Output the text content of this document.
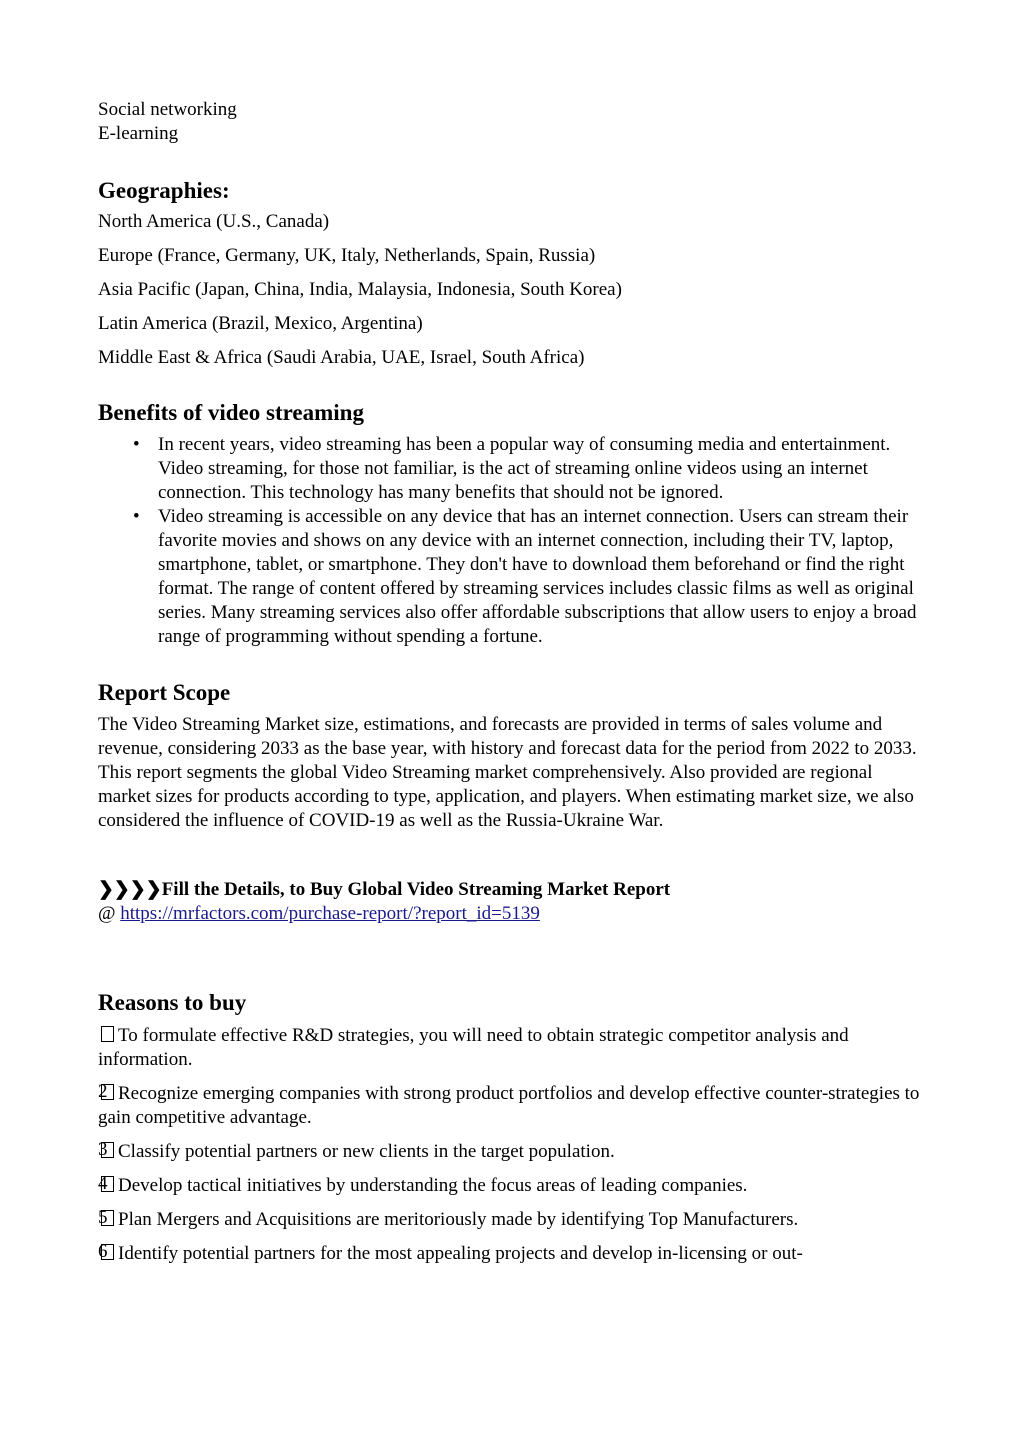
Social networking
E-learning
Geographies:

North America (U.S., Canada)

Europe (France, Germany, UK, Italy, Netherlands, Spain, Russia)

Asia Pacific (Japan, China, India, Malaysia, Indonesia, South Korea)

Latin America (Brazil, Mexico, Argentina)

Middle East & Africa (Saudi Arabia, UAE, Israel, South Africa)

Benefits of video streaming
• In recent years, video streaming has been a popular way of consuming media and entertainment. Video streaming, for those not familiar, is the act of streaming online videos using an internet connection. This technology has many benefits that should not be ignored.
• Video streaming is accessible on any device that has an internet connection. Users can stream their favorite movies and shows on any device with an internet connection, including their TV, laptop, smartphone, tablet, or smartphone. They don't have to download them beforehand or find the right format. The range of content offered by streaming services includes classic films as well as original series. Many streaming services also offer affordable subscriptions that allow users to enjoy a broad range of programming without spending a fortune.
Report Scope

The Video Streaming Market size, estimations, and forecasts are provided in terms of sales volume and revenue, considering 2033 as the base year, with history and forecast data for the period from 2022 to 2033. This report segments the global Video Streaming market comprehensively. Also provided are regional market sizes for products according to type, application, and players. When estimating market size, we also considered the influence of COVID-19 as well as the Russia-Ukraine War.

❯❯❯❯Fill the Details, to Buy Global Video Streaming Market Report
@ https://mrfactors.com/purchase-report/?report_id=5139
Reasons to buy

To formulate effective R&D strategies, you will need to obtain strategic competitor analysis and information.

2 Recognize emerging companies with strong product portfolios and develop effective counter-strategies to gain competitive advantage.

3 Classify potential partners or new clients in the target population.

4 Develop tactical initiatives by understanding the focus areas of leading companies.

5 Plan Mergers and Acquisitions are meritoriously made by identifying Top Manufacturers.

6 Identify potential partners for the most appealing projects and develop in-licensing or out-
